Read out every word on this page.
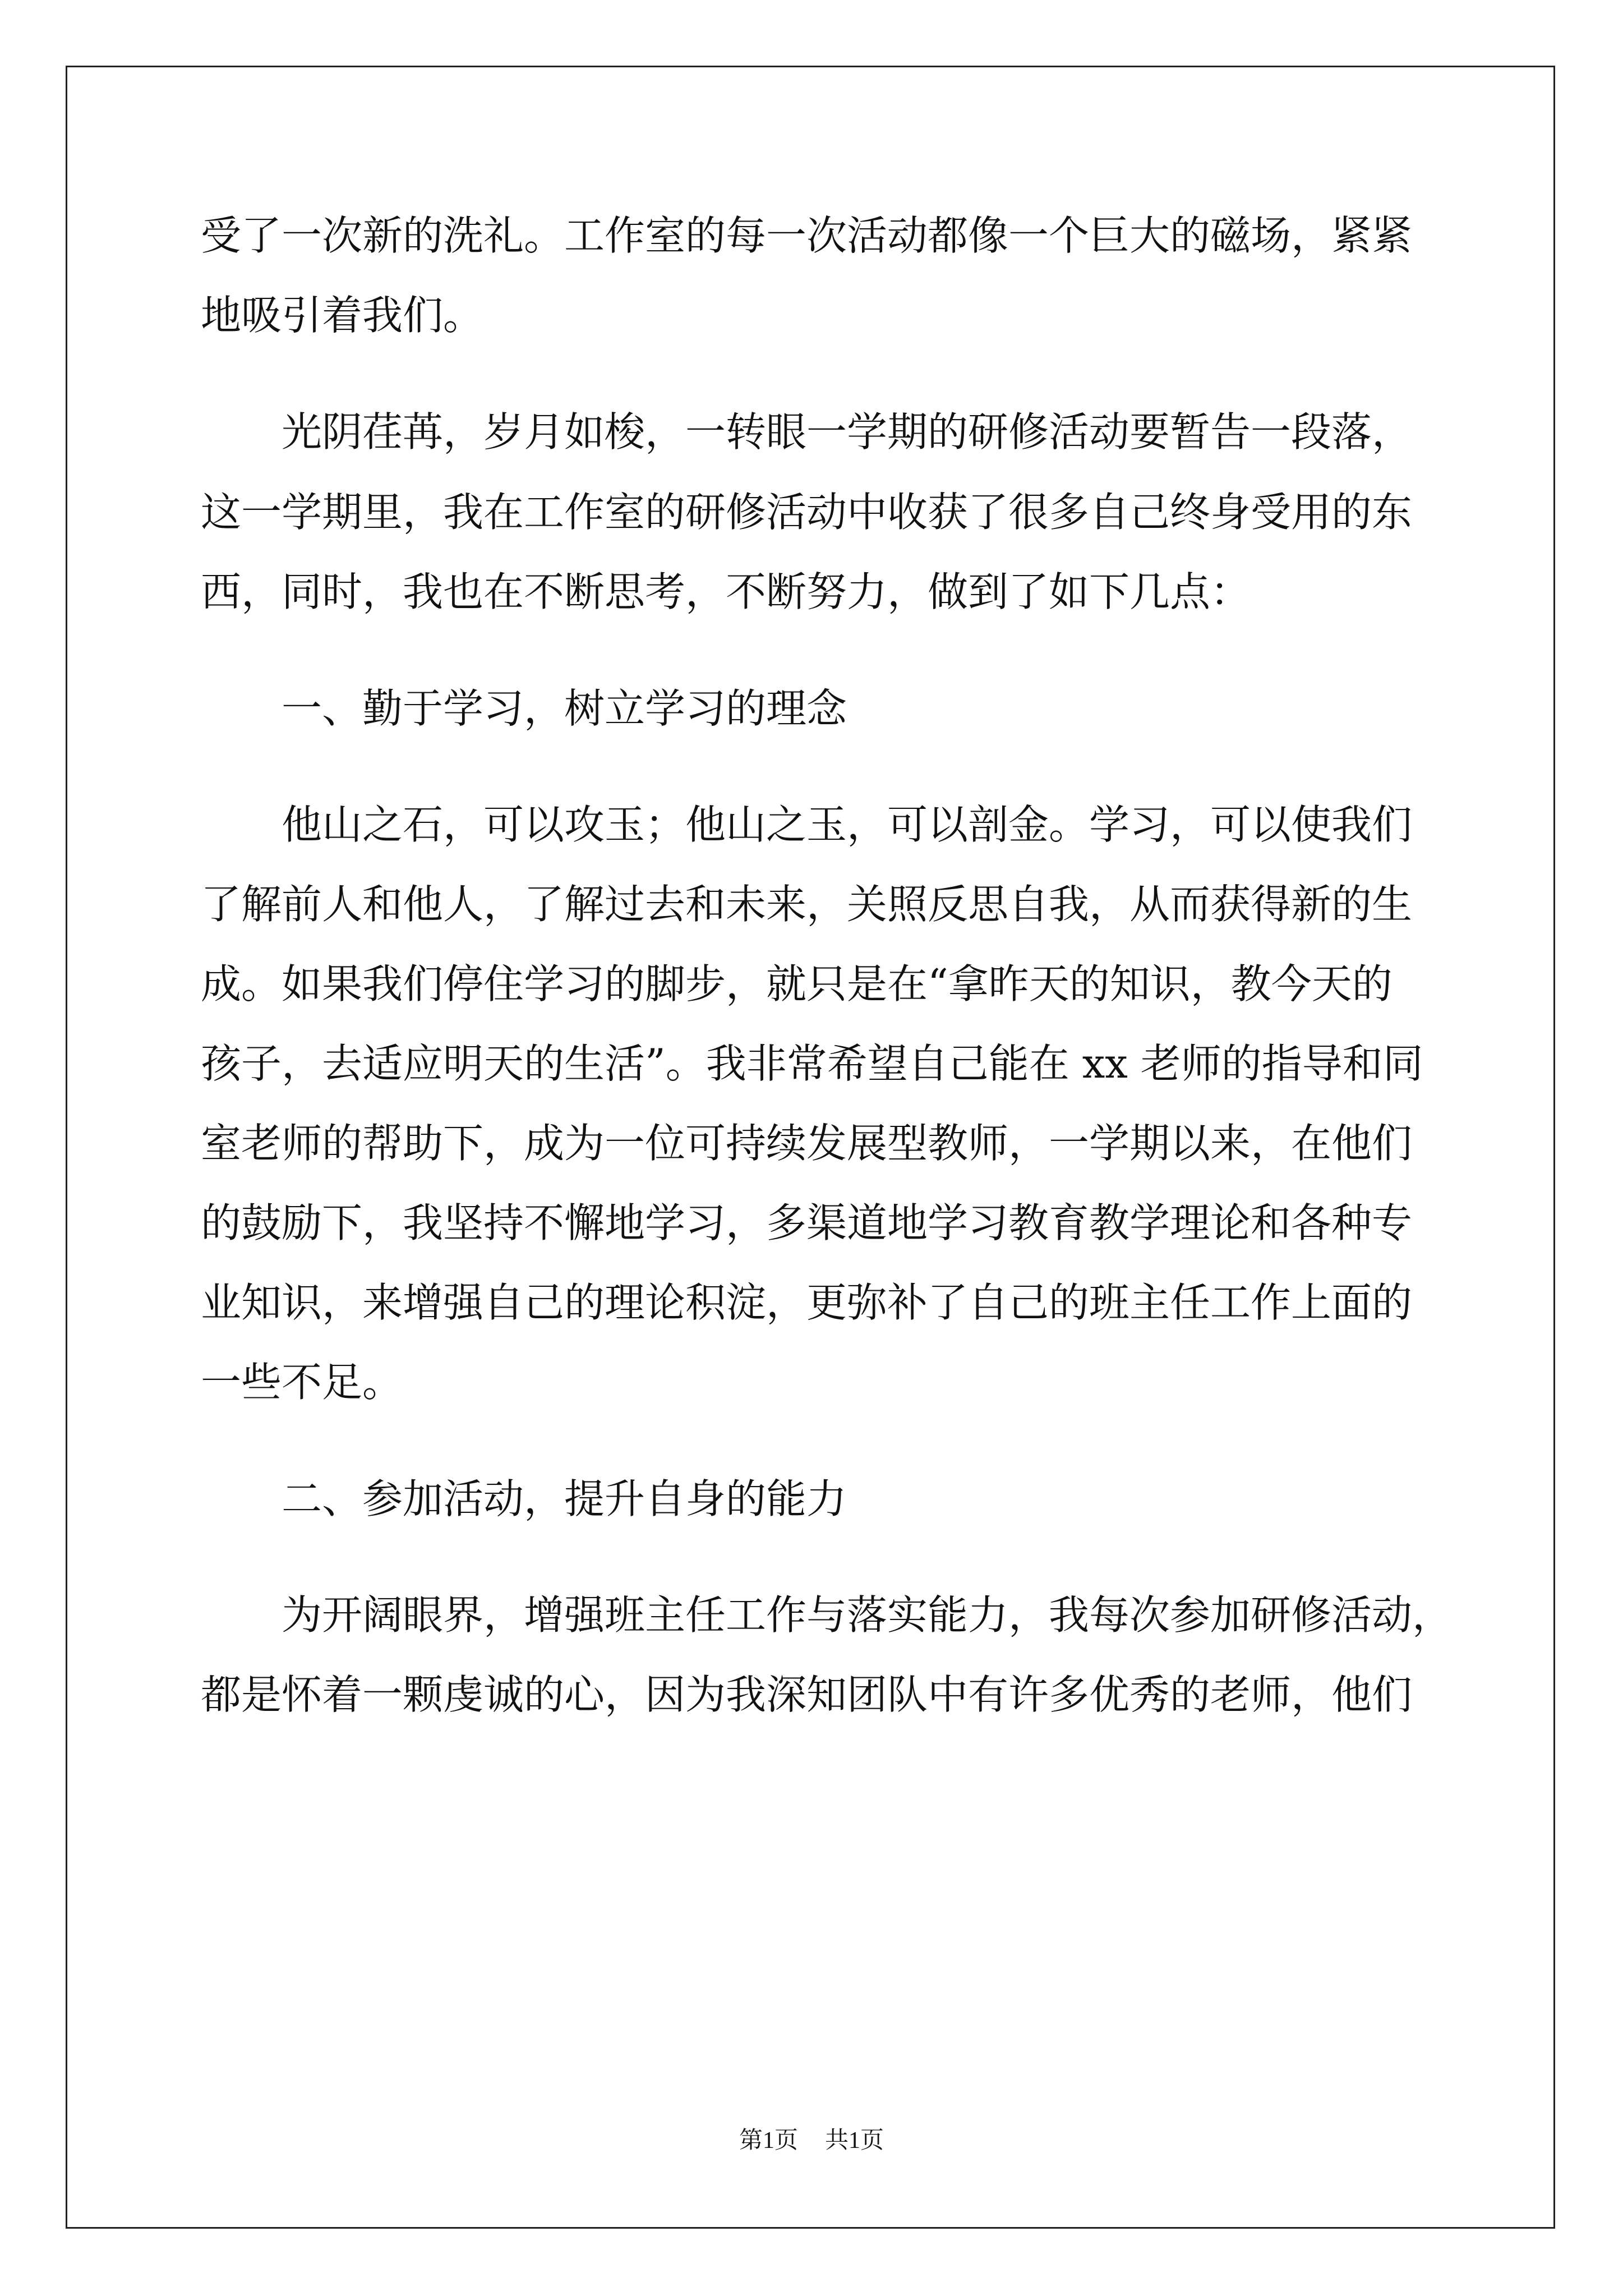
受了一次新的洗礼。工作室的每一次活动都像一个巨大的磁场，紧紧
地吸引着我们。
光阴荏苒，岁月如梭，一转眼一学期的研修活动要暂告一段落，
这一学期里，我在工作室的研修活动中收获了很多自己终身受用的东
西，同时，我也在不断思考，不断努力，做到了如下几点：
一、勤于学习，树立学习的理念
他山之石，可以攻玉；他山之玉，可以剖金。学习，可以使我们
了解前人和他人，了解过去和未来，关照反思自我，从而获得新的生
成。如果我们停住学习的脚步，就只是在“拿昨天的知识，教今天的
孩子，去适应明天的生活”。我非常希望自己能在 xx 老师的指导和同
室老师的帮助下，成为一位可持续发展型教师，一学期以来，在他们
的鼓励下，我坚持不懈地学习，多渠道地学习教育教学理论和各种专
业知识，来增强自己的理论积淀，更弥补了自己的班主任工作上面的
一些不足。
二、参加活动，提升自身的能力
为开阔眼界，增强班主任工作与落实能力，我每次参加研修活动，
都是怀着一颗虔诚的心，因为我深知团队中有许多优秀的老师，他们
第1页 共1页
